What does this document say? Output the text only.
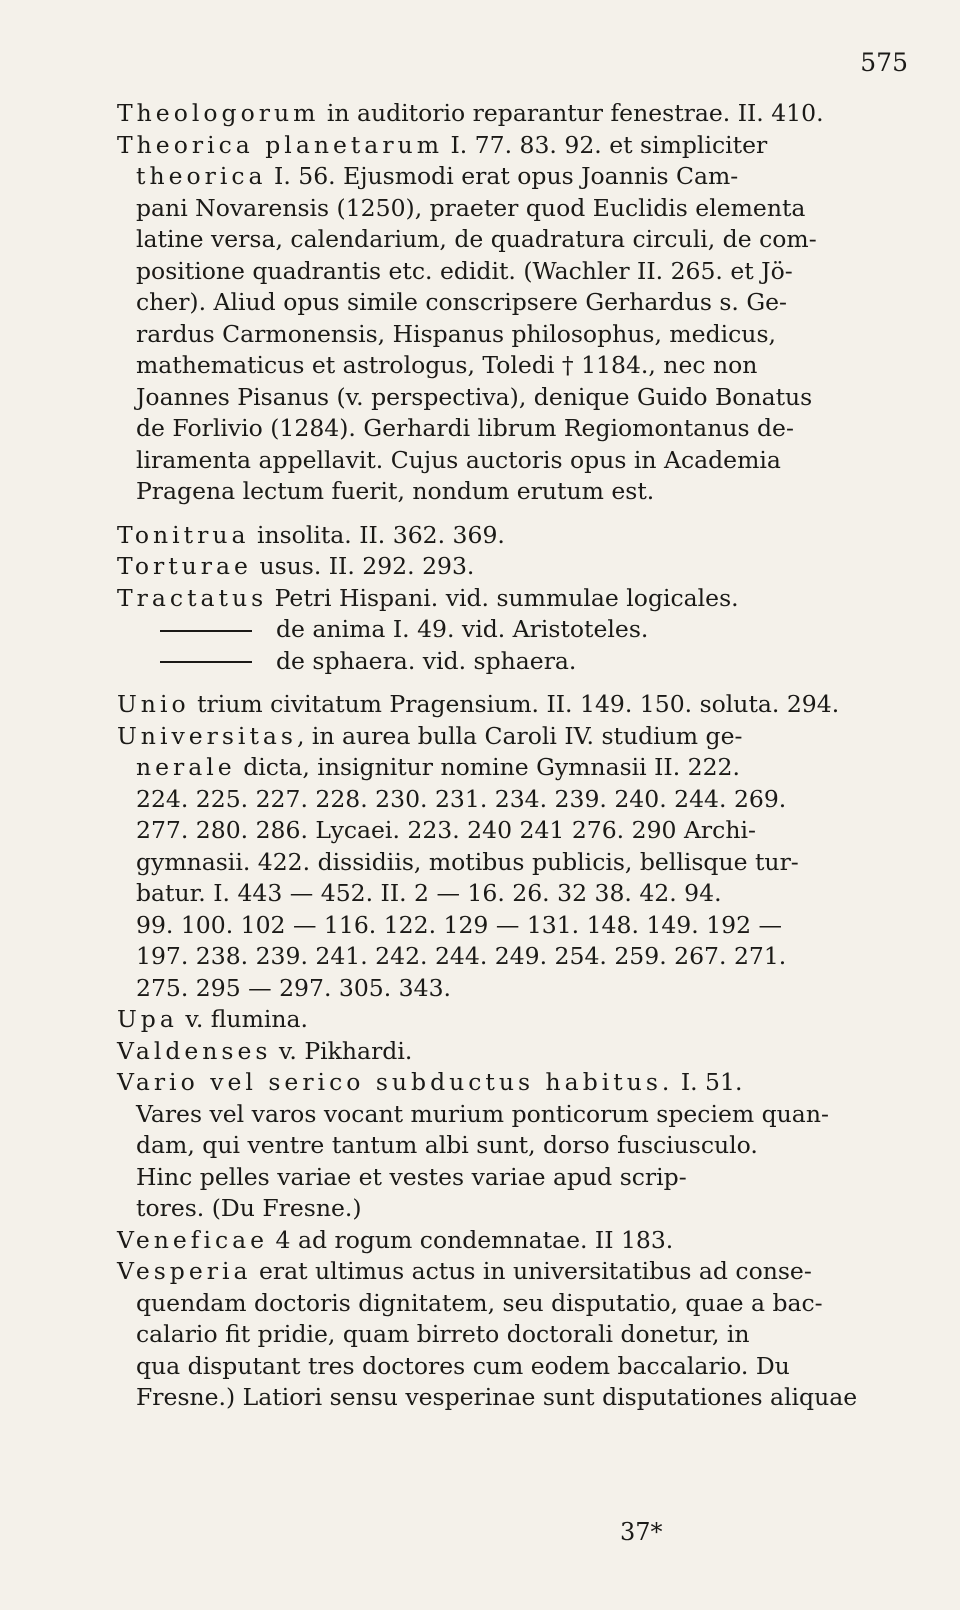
575
Theologorum in auditorio reparantur fenestrae. II. 410.
Theorica planetarum I. 77. 83. 92. et simpliciter
theorica I. 56. Ejusmodi erat opus Joannis Cam-
pani Novarensis (1250), praeter quod Euclidis elementa
latine versa, calendarium, de quadratura circuli, de com-
positione quadrantis etc. edidit. (Wachler II. 265. et Jö-
cher). Aliud opus simile conscripsere Gerhardus s. Ge-
rardus Carmonensis, Hispanus philosophus, medicus,
mathematicus et astrologus, Toledi † 1184., nec non
Joannes Pisanus (v. perspectiva), denique Guido Bonatus
de Forlivio (1284). Gerhardi librum Regiomontanus de-
liramenta appellavit. Cujus auctoris opus in Academia
Pragena lectum fuerit, nondum erutum est.
Tonitrua insolita. II. 362. 369.
Torturae usus. II. 292. 293.
Tractatus Petri Hispani. vid. summulae logicales.
de anima I. 49. vid. Aristoteles.
de sphaera. vid. sphaera.
Unio trium civitatum Pragensium. II. 149. 150. soluta. 294.
Universitas, in aurea bulla Caroli IV. studium ge-
nerale dicta, insignitur nomine Gymnasii II. 222.
224. 225. 227. 228. 230. 231. 234. 239. 240. 244. 269.
277. 280. 286. Lycaei. 223. 240 241 276. 290 Archi-
gymnasii. 422. dissidiis, motibus publicis, bellisque tur-
batur. I. 443 — 452. II. 2 — 16. 26. 32 38. 42. 94.
99. 100. 102 — 116. 122. 129 — 131. 148. 149. 192 —
197. 238. 239. 241. 242. 244. 249. 254. 259. 267. 271.
275. 295 — 297. 305. 343.
Upa v. flumina.
Valdenses v. Pikhardi.
Vario vel serico subductus habitus. I. 51.
Vares vel varos vocant murium ponticorum speciem quan-
dam, qui ventre tantum albi sunt, dorso fusciusculo.
Hinc pelles variae et vestes variae apud scrip-
tores. (Du Fresne.)
Veneficae 4 ad rogum condemnatae. II 183.
Vesperia erat ultimus actus in universitatibus ad conse-
quendam doctoris dignitatem, seu disputatio, quae a bac-
calario fit pridie, quam birreto doctorali donetur, in
qua disputant tres doctores cum eodem baccalario. Du
Fresne.) Latiori sensu vesperinae sunt disputationes aliquae
37*
